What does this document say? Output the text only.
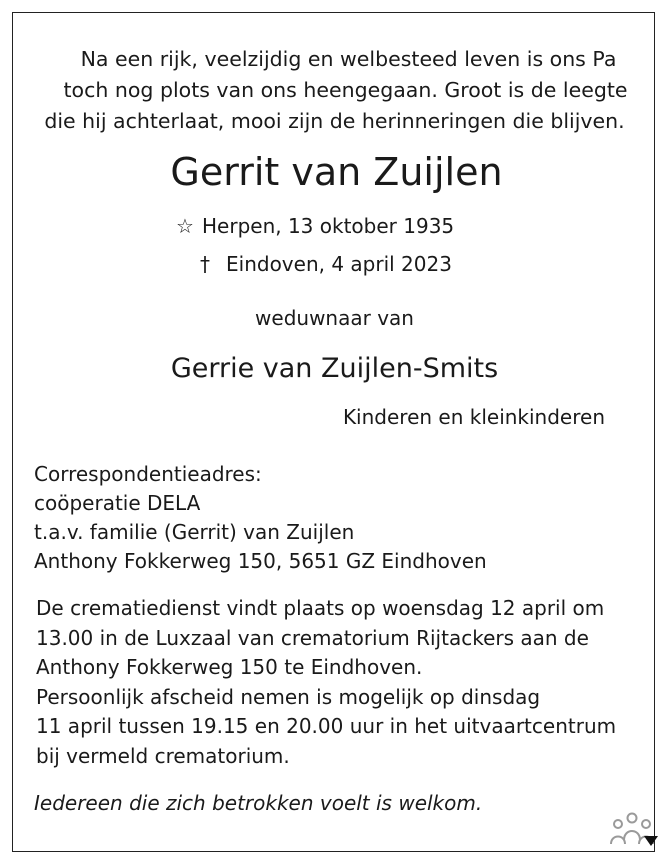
Na een rijk, veelzijdig en welbesteed leven is ons Pa
toch nog plots van ons heengegaan. Groot is de leegte
die hij achterlaat, mooi zijn de herinneringen die blijven.
Gerrit van Zuijlen
☆ Herpen, 13 oktober 1935
† Eindoven, 4 april 2023
weduwnaar van
Gerrie van Zuijlen-Smits
Kinderen en kleinkinderen
Correspondentieadres:
coöperatie DELA
t.a.v. familie (Gerrit) van Zuijlen
Anthony Fokkerweg 150, 5651 GZ Eindhoven
De crematiedienst vindt plaats op woensdag 12 april om
13.00 in de Luxzaal van crematorium Rijtackers aan de
Anthony Fokkerweg 150 te Eindhoven.
Persoonlijk afscheid nemen is mogelijk op dinsdag
11 april tussen 19.15 en 20.00 uur in het uitvaartcentrum
bij vermeld crematorium.
Iedereen die zich betrokken voelt is welkom.
